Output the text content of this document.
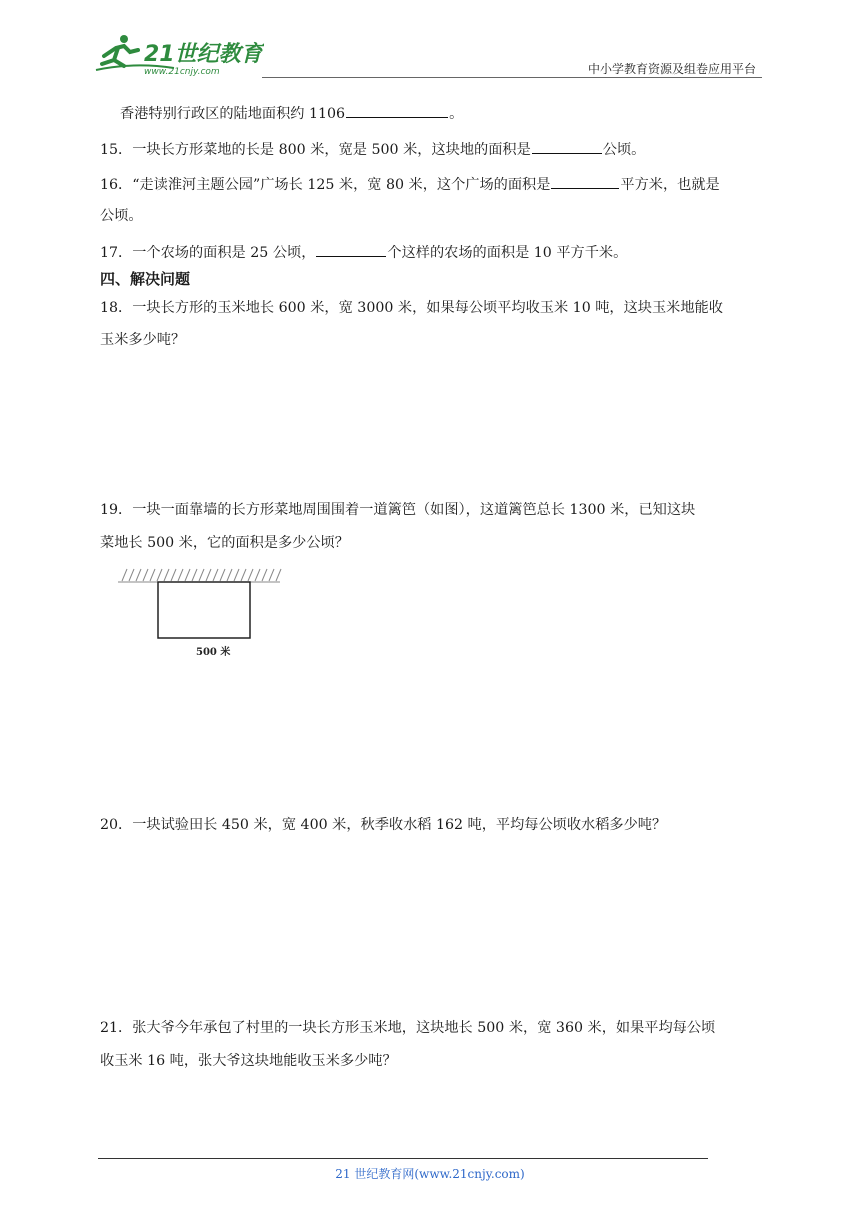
21世纪教育
www.21cnjy.com	中小学教育资源及组卷应用平台
香港特别行政区的陆地面积约 1106	。
15．一块长方形菜地的长是 800 米，宽是 500 米，这块地的面积是	公顷。
16．“走读淮河主题公园”广场长 125 米，宽 80 米，这个广场的面积是	平方米，也就是
公顷。
17．一个农场的面积是 25 公顷，	个这样的农场的面积是 10 平方千米。
四、解决问题
18．一块长方形的玉米地长 600 米，宽 3000 米，如果每公顷平均收玉米 10 吨，这块玉米地能收
玉米多少吨？
19．一块一面靠墙的长方形菜地周围围着一道篱笆（如图），这道篱笆总长 1300 米，已知这块
菜地长 500 米，它的面积是多少公顷？
500 米
20．一块试验田长 450 米，宽 400 米，秋季收水稻 162 吨，平均每公顷收水稻多少吨？
21．张大爷今年承包了村里的一块长方形玉米地，这块地长 500 米，宽 360 米，如果平均每公顷
收玉米 16 吨，张大爷这块地能收玉米多少吨？
21 世纪教育网(www.21cnjy.com)
